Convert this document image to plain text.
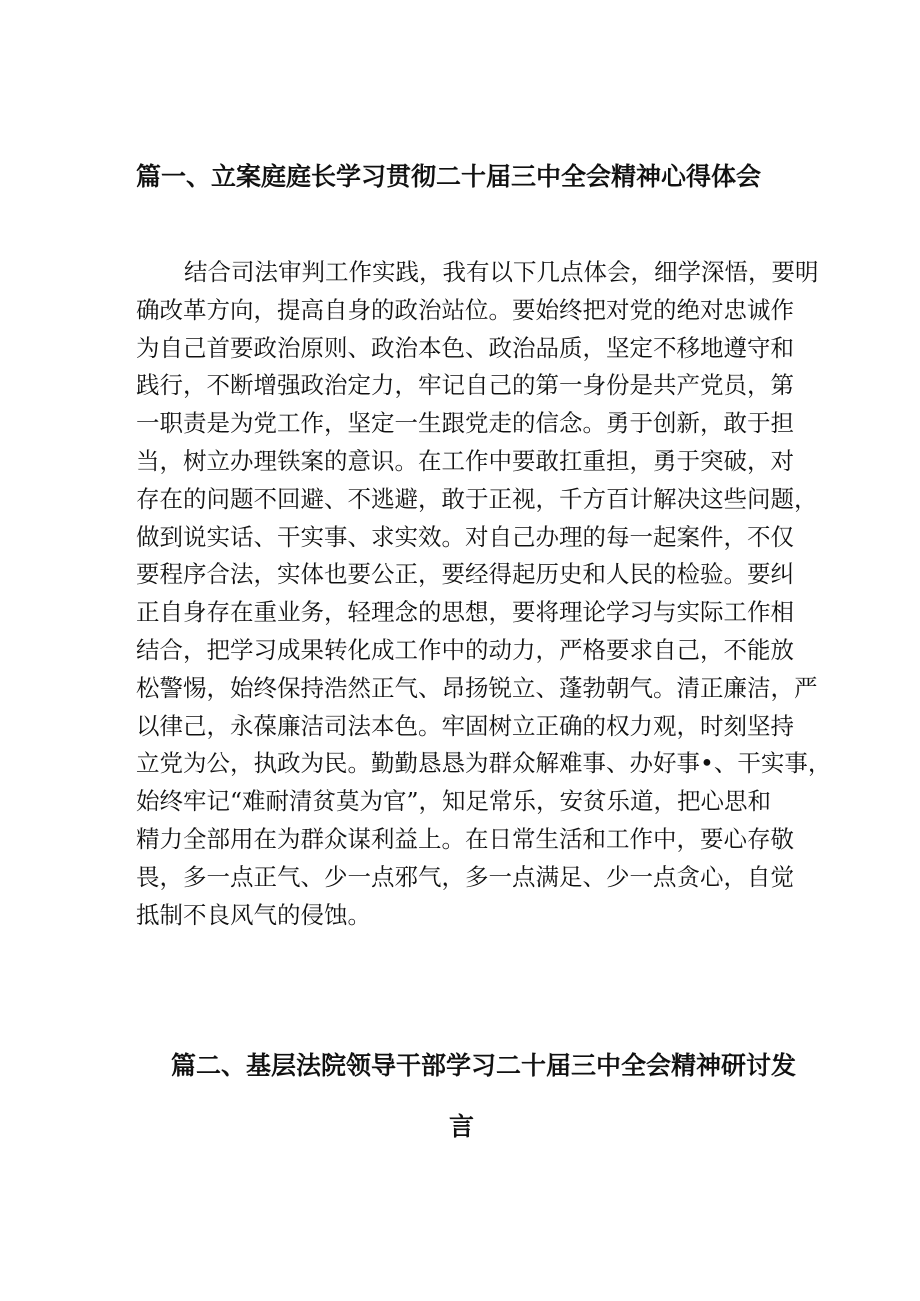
篇一、立案庭庭长学习贯彻二十届三中全会精神心得体会
结合司法审判工作实践，我有以下几点体会，细学深悟，要明
确改革方向，提高自身的政治站位。要始终把对党的绝对忠诚作
为自己首要政治原则、政治本色、政治品质，坚定不移地遵守和
践行，不断增强政治定力，牢记自己的第一身份是共产党员，第
一职责是为党工作，坚定一生跟党走的信念。勇于创新，敢于担
当，树立办理铁案的意识。在工作中要敢扛重担，勇于突破，对
存在的问题不回避、不逃避，敢于正视，千方百计解决这些问题，
做到说实话、干实事、求实效。对自己办理的每一起案件，不仅
要程序合法，实体也要公正，要经得起历史和人民的检验。要纠
正自身存在重业务，轻理念的思想，要将理论学习与实际工作相
结合，把学习成果转化成工作中的动力，严格要求自己，不能放
松警惕，始终保持浩然正气、昂扬锐立、蓬勃朝气。清正廉洁，严
以律己，永葆廉洁司法本色。牢固树立正确的权力观，时刻坚持
立党为公，执政为民。勤勤恳恳为群众解难事、办好事•、干实事，
始终牢记“难耐清贫莫为官”，知足常乐，安贫乐道，把心思和
精力全部用在为群众谋利益上。在日常生活和工作中，要心存敬
畏，多一点正气、少一点邪气，多一点满足、少一点贪心，自觉
抵制不良风气的侵蚀。
篇二、基层法院领导干部学习二十届三中全会精神研讨发
言
